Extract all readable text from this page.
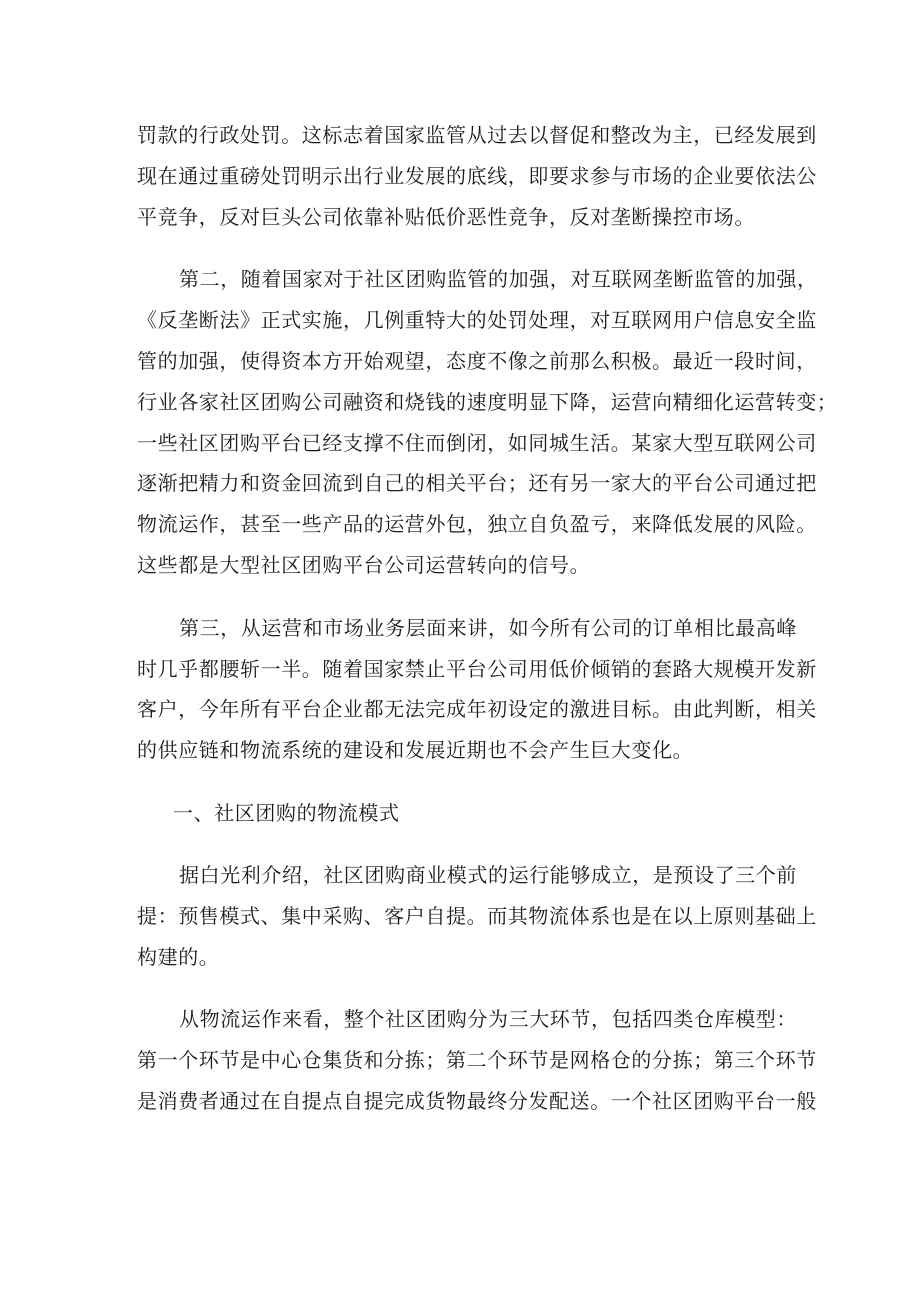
罚款的行政处罚。这标志着国家监管从过去以督促和整改为主，已经发展到
现在通过重磅处罚明示出行业发展的底线，即要求参与市场的企业要依法公
平竞争，反对巨头公司依靠补贴低价恶性竞争，反对垄断操控市场。

第二，随着国家对于社区团购监管的加强，对互联网垄断监管的加强，
《反垄断法》正式实施，几例重特大的处罚处理，对互联网用户信息安全监
管的加强，使得资本方开始观望，态度不像之前那么积极。最近一段时间，
行业各家社区团购公司融资和烧钱的速度明显下降，运营向精细化运营转变；
一些社区团购平台已经支撑不住而倒闭，如同城生活。某家大型互联网公司
逐渐把精力和资金回流到自己的相关平台；还有另一家大的平台公司通过把
物流运作，甚至一些产品的运营外包，独立自负盈亏，来降低发展的风险。
这些都是大型社区团购平台公司运营转向的信号。

第三，从运营和市场业务层面来讲，如今所有公司的订单相比最高峰
时几乎都腰斩一半。随着国家禁止平台公司用低价倾销的套路大规模开发新
客户，今年所有平台企业都无法完成年初设定的激进目标。由此判断，相关
的供应链和物流系统的建设和发展近期也不会产生巨大变化。

一、社区团购的物流模式

据白光利介绍，社区团购商业模式的运行能够成立，是预设了三个前
提：预售模式、集中采购、客户自提。而其物流体系也是在以上原则基础上
构建的。

从物流运作来看，整个社区团购分为三大环节，包括四类仓库模型：
第一个环节是中心仓集货和分拣；第二个环节是网格仓的分拣；第三个环节
是消费者通过在自提点自提完成货物最终分发配送。一个社区团购平台一般
